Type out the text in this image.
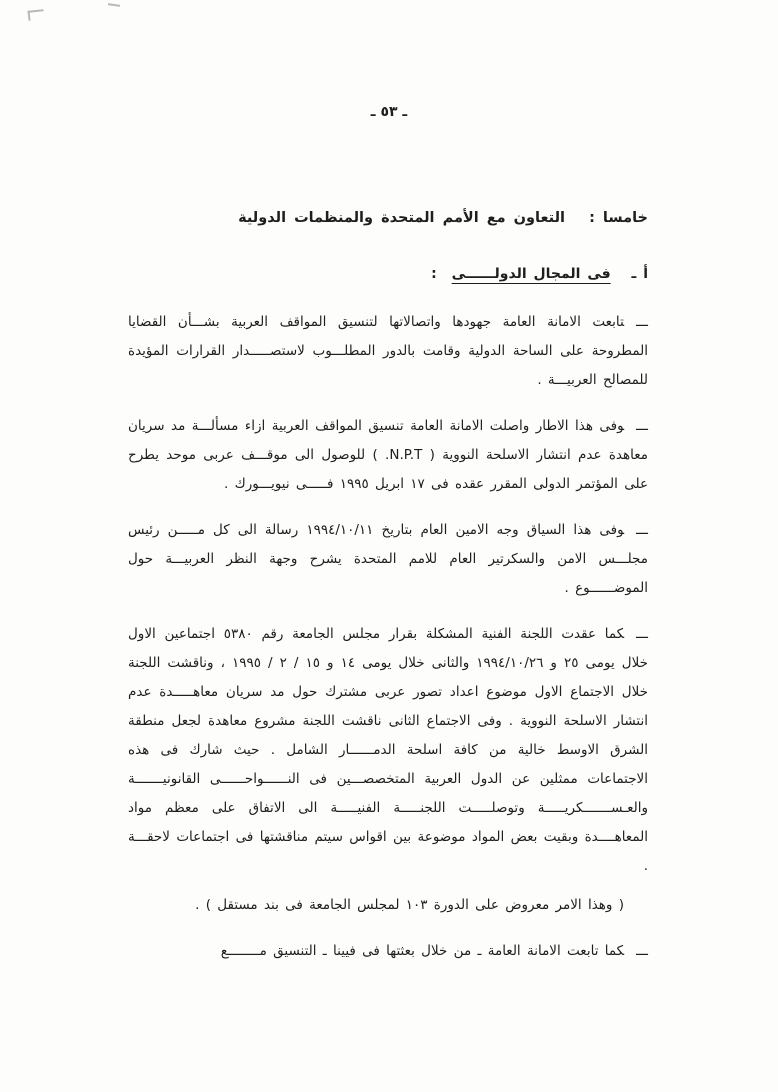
ـ ٥٣ ـ
خامسا : التعاون مع الأمم المتحدة والمنظمات الدولية
أ ـ فى المجال الدولــــــى :
ـــتابعت الامانة العامة جهودها واتصالاتها لتنسيق المواقف العربية بشـــأن القضايا المطروحة على الساحة الدولية وقامت بالدور المطلـــوب لاستصـــــدار القرارات المؤيدة للمصالح العربيـــة .
ـــوفى هذا الاطار واصلت الامانة العامة تنسيق المواقف العربية ازاء مسألـــة مد سريان معاهدة عدم انتشار الاسلحة النووية ( N.P.T. ) للوصول الى موقـــف عربى موحد يطرح على المؤتمر الدولى المقرر عقده فى ١٧ ابريل ١٩٩٥ فـــــى نيويـــورك .
ـــوفى هذا السياق وجه الامين العام بتاريخ ١٩٩٤/١٠/١١ رسالة الى كل مـــــن رئيس مجلـــس الامن والسكرتير العام للامم المتحدة يشرح وجهة النظر العربيـــة حول الموضــــــوع .
ـــكما عقدت اللجنة الفنية المشكلة بقرار مجلس الجامعة رقم ٥٣٨٠ اجتماعين الاول خلال يومى ٢٥ و ١٩٩٤/١٠/٢٦ والثانى خلال يومى ١٤ و ١٥ / ٢ / ١٩٩٥ ، وناقشت اللجنة خلال الاجتماع الاول موضوع اعداد تصور عربى مشترك حول مد سريان معاهـــــدة عدم انتشار الاسلحة النووية . وفى الاجتماع الثانى ناقشت اللجنة مشروع معاهدة لجعل منطقة الشرق الاوسط خالية من كافة اسلحة الدمــــــار الشامل . حيث شارك فى هذه الاجتماعات ممثلين عن الدول العربية المتخصصـــين فى النــــــواحــــــى القانونيـــــــة والعـســـــــكريـــــة وتوصلـــــت اللجنـــــة الفنيـــــة الى الاتفاق على معظم مواد المعاهــــدة وبقيت بعض المواد موضوعة بين اقواس سيتم مناقشتها فى اجتماعات لاحقـــة .
( وهذا الامر معروض على الدورة ١٠٣ لمجلس الجامعة فى بند مستقل ) .
ـــكما تابعت الامانة العامة ـ من خلال بعثتها فى فيينا ـ التنسيق مــــــــع
